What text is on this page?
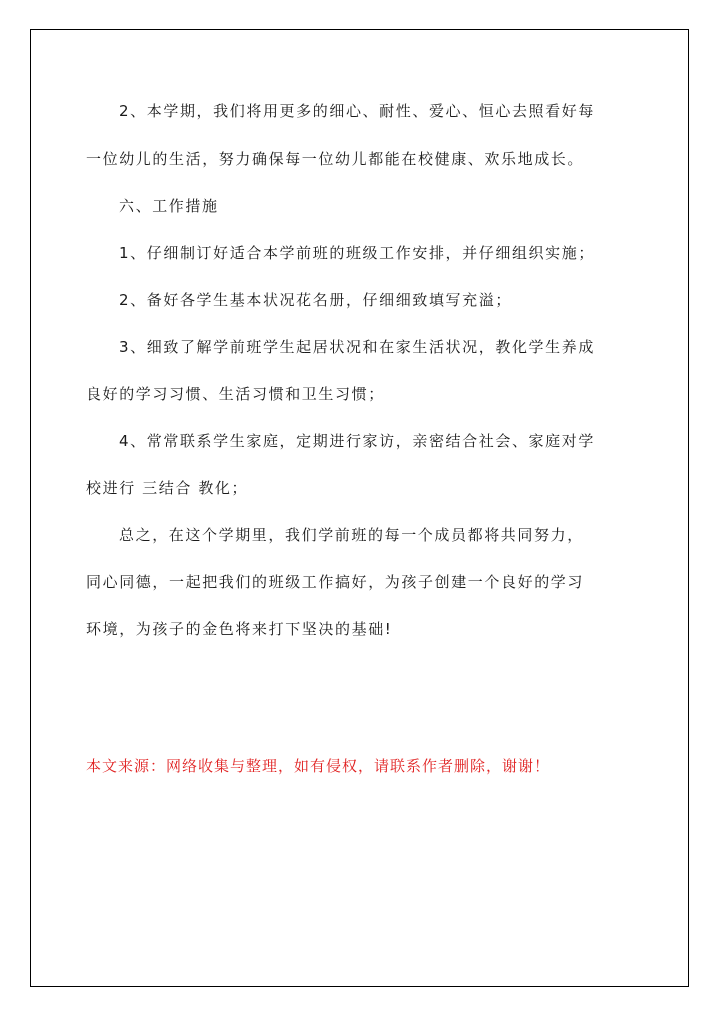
2、本学期，我们将用更多的细心、耐性、爱心、恒心去照看好每
一位幼儿的生活，努力确保每一位幼儿都能在校健康、欢乐地成长。
六、工作措施
1、仔细制订好适合本学前班的班级工作安排，并仔细组织实施；
2、备好各学生基本状况花名册，仔细细致填写充溢；
3、细致了解学前班学生起居状况和在家生活状况，教化学生养成
良好的学习习惯、生活习惯和卫生习惯；
4、常常联系学生家庭，定期进行家访，亲密结合社会、家庭对学
校进行 三结合 教化；
总之，在这个学期里，我们学前班的每一个成员都将共同努力，
同心同德，一起把我们的班级工作搞好，为孩子创建一个良好的学习
环境，为孩子的金色将来打下坚决的基础!
本文来源：网络收集与整理，如有侵权，请联系作者删除，谢谢！
